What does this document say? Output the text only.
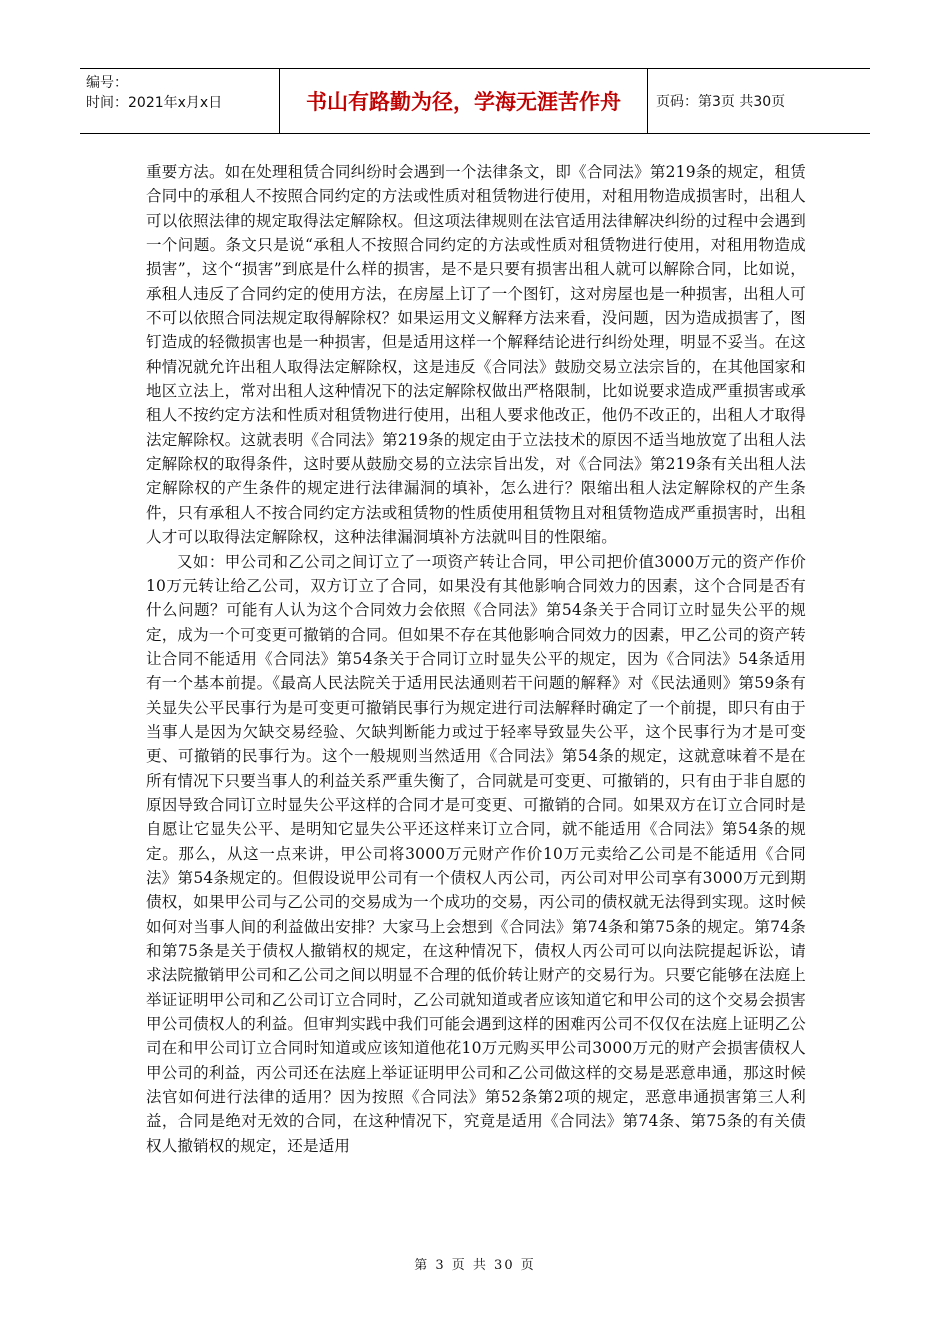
编号：
时间：2021年x月x日	书山有路勤为径，学海无涯苦作舟	页码：第3页 共30页

重要方法。如在处理租赁合同纠纷时会遇到一个法律条文，即《合同法》第219条的规定，租赁合同中的承租人不按照合同约定的方法或性质对租赁物进行使用，对租用物造成损害时，出租人可以依照法律的规定取得法定解除权。但这项法律规则在法官适用法律解决纠纷的过程中会遇到一个问题。条文只是说“承租人不按照合同约定的方法或性质对租赁物进行使用，对租用物造成损害”，这个“损害”到底是什么样的损害，是不是只要有损害出租人就可以解除合同，比如说，承租人违反了合同约定的使用方法，在房屋上订了一个图钉，这对房屋也是一种损害，出租人可不可以依照合同法规定取得解除权？如果运用文义解释方法来看，没问题，因为造成损害了，图钉造成的轻微损害也是一种损害，但是适用这样一个解释结论进行纠纷处理，明显不妥当。在这种情况就允许出租人取得法定解除权，这是违反《合同法》鼓励交易立法宗旨的，在其他国家和地区立法上，常对出租人这种情况下的法定解除权做出严格限制，比如说要求造成严重损害或承租人不按约定方法和性质对租赁物进行使用，出租人要求他改正，他仍不改正的，出租人才取得法定解除权。这就表明《合同法》第219条的规定由于立法技术的原因不适当地放宽了出租人法定解除权的取得条件，这时要从鼓励交易的立法宗旨出发，对《合同法》第219条有关出租人法定解除权的产生条件的规定进行法律漏洞的填补，怎么进行？限缩出租人法定解除权的产生条件，只有承租人不按合同约定方法或租赁物的性质使用租赁物且对租赁物造成严重损害时，出租人才可以取得法定解除权，这种法律漏洞填补方法就叫目的性限缩。

又如：甲公司和乙公司之间订立了一项资产转让合同，甲公司把价值3000万元的资产作价10万元转让给乙公司，双方订立了合同，如果没有其他影响合同效力的因素，这个合同是否有什么问题？可能有人认为这个合同效力会依照《合同法》第54条关于合同订立时显失公平的规定，成为一个可变更可撤销的合同。但如果不存在其他影响合同效力的因素，甲乙公司的资产转让合同不能适用《合同法》第54条关于合同订立时显失公平的规定，因为《合同法》54条适用有一个基本前提。《最高人民法院关于适用民法通则若干问题的解释》对《民法通则》第59条有关显失公平民事行为是可变更可撤销民事行为规定进行司法解释时确定了一个前提，即只有由于当事人是因为欠缺交易经验、欠缺判断能力或过于轻率导致显失公平，这个民事行为才是可变更、可撤销的民事行为。这个一般规则当然适用《合同法》第54条的规定，这就意味着不是在所有情况下只要当事人的利益关系严重失衡了，合同就是可变更、可撤销的，只有由于非自愿的原因导致合同订立时显失公平这样的合同才是可变更、可撤销的合同。如果双方在订立合同时是自愿让它显失公平、是明知它显失公平还这样来订立合同，就不能适用《合同法》第54条的规定。那么，从这一点来讲，甲公司将3000万元财产作价10万元卖给乙公司是不能适用《合同法》第54条规定的。但假设说甲公司有一个债权人丙公司，丙公司对甲公司享有3000万元到期债权，如果甲公司与乙公司的交易成为一个成功的交易，丙公司的债权就无法得到实现。这时候如何对当事人间的利益做出安排？大家马上会想到《合同法》第74条和第75条的规定。第74条和第75条是关于债权人撤销权的规定，在这种情况下，债权人丙公司可以向法院提起诉讼，请求法院撤销甲公司和乙公司之间以明显不合理的低价转让财产的交易行为。只要它能够在法庭上举证证明甲公司和乙公司订立合同时，乙公司就知道或者应该知道它和甲公司的这个交易会损害甲公司债权人的利益。但审判实践中我们可能会遇到这样的困难丙公司不仅仅在法庭上证明乙公司在和甲公司订立合同时知道或应该知道他花10万元购买甲公司3000万元的财产会损害债权人甲公司的利益，丙公司还在法庭上举证证明甲公司和乙公司做这样的交易是恶意串通，那这时候法官如何进行法律的适用？因为按照《合同法》第52条第2项的规定，恶意串通损害第三人利益，合同是绝对无效的合同，在这种情况下，究竟是适用《合同法》第74条、第75条的有关债权人撤销权的规定，还是适用

第 3 页 共 30 页
